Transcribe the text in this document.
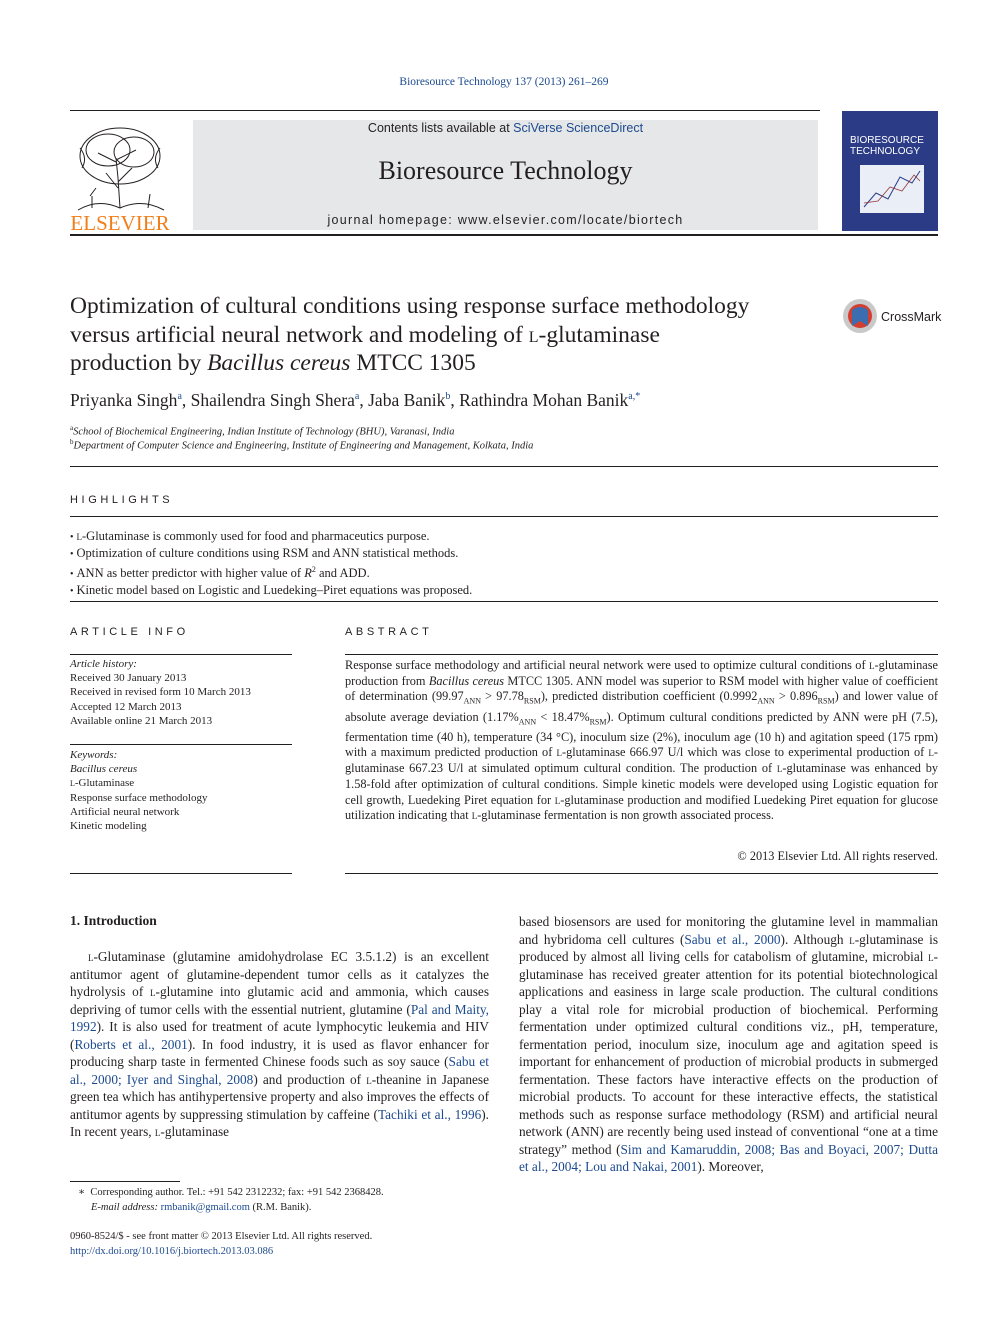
Bioresource Technology 137 (2013) 261–269
ELSEVIER
Contents lists available at SciVerse ScienceDirect
Bioresource Technology
journal homepage: www.elsevier.com/locate/biortech
BIORESOURCE
TECHNOLOGY
Optimization of cultural conditions using response surface methodology
versus artificial neural network and modeling of l-glutaminase
production by Bacillus cereus MTCC 1305
CrossMark
Priyanka Singh$^a$, Shailendra Singh Shera$^a$, Jaba Banik$^b$, Rathindra Mohan Banik$^{a,*}$
$^a$School of Biochemical Engineering, Indian Institute of Technology (BHU), Varanasi, India
$^b$Department of Computer Science and Engineering, Institute of Engineering and Management, Kolkata, India
HIGHLIGHTS
• l-Glutaminase is commonly used for food and pharmaceutics purpose.
• Optimization of culture conditions using RSM and ANN statistical methods.
• ANN as better predictor with higher value of $R^2$ and ADD.
• Kinetic model based on Logistic and Luedeking–Piret equations was proposed.
ARTICLE INFO
Article history:
Received 30 January 2013
Received in revised form 10 March 2013
Accepted 12 March 2013
Available online 21 March 2013
Keywords:
Bacillus cereus
l-Glutaminase
Response surface methodology
Artificial neural network
Kinetic modeling
ABSTRACT
Response surface methodology and artificial neural network were used to optimize cultural conditions of l-glutaminase production from Bacillus cereus MTCC 1305. ANN model was superior to RSM model with higher value of coefficient of determination $(99.97_{ANN} > 97.78_{RSM})$, predicted distribution coefficient $(0.9992_{ANN} > 0.896_{RSM})$ and lower value of absolute average deviation $(1.17\%_{ANN} < 18.47\%_{RSM})$. Optimum cultural conditions predicted by ANN were pH (7.5), fermentation time (40 h), temperature (34 °C), inoculum size (2%), inoculum age (10 h) and agitation speed (175 rpm) with a maximum predicted production of l-glutaminase 666.97 U/l which was close to experimental production of l-glutaminase 667.23 U/l at simulated optimum cultural condition. The production of l-glutaminase was enhanced by 1.58-fold after optimization of cultural conditions. Simple kinetic models were developed using Logistic equation for cell growth, Luedeking Piret equation for l-glutaminase production and modified Luedeking Piret equation for glucose utilization indicating that l-glutaminase fermentation is non growth associated process.
© 2013 Elsevier Ltd. All rights reserved.
1. Introduction
l-Glutaminase (glutamine amidohydrolase EC 3.5.1.2) is an excellent antitumor agent of glutamine-dependent tumor cells as it catalyzes the hydrolysis of l-glutamine into glutamic acid and ammonia, which causes depriving of tumor cells with the essential nutrient, glutamine (Pal and Maity, 1992). It is also used for treatment of acute lymphocytic leukemia and HIV (Roberts et al., 2001). In food industry, it is used as flavor enhancer for producing sharp taste in fermented Chinese foods such as soy sauce (Sabu et al., 2000; Iyer and Singhal, 2008) and production of l-theanine in Japanese green tea which has antihypertensive property and also improves the effects of antitumor agents by suppressing stimulation by caffeine (Tachiki et al., 1996). In recent years, l-glutaminase
based biosensors are used for monitoring the glutamine level in mammalian and hybridoma cell cultures (Sabu et al., 2000). Although l-glutaminase is produced by almost all living cells for catabolism of glutamine, microbial l-glutaminase has received greater attention for its potential biotechnological applications and easiness in large scale production. The cultural conditions play a vital role for microbial production of biochemical. Performing fermentation under optimized cultural conditions viz., pH, temperature, fermentation period, inoculum size, inoculum age and agitation speed is important for enhancement of production of microbial products in submerged fermentation. These factors have interactive effects on the production of microbial products. To account for these interactive effects, the statistical methods such as response surface methodology (RSM) and artificial neural network (ANN) are recently being used instead of conventional “one at a time strategy” method (Sim and Kamaruddin, 2008; Bas and Boyaci, 2007; Dutta et al., 2004; Lou and Nakai, 2001). Moreover,
∗  Corresponding author. Tel.: +91 542 2312232; fax: +91 542 2368428.
E-mail address: rmbanik@gmail.com (R.M. Banik).
0960-8524/$ - see front matter © 2013 Elsevier Ltd. All rights reserved.
http://dx.doi.org/10.1016/j.biortech.2013.03.086
